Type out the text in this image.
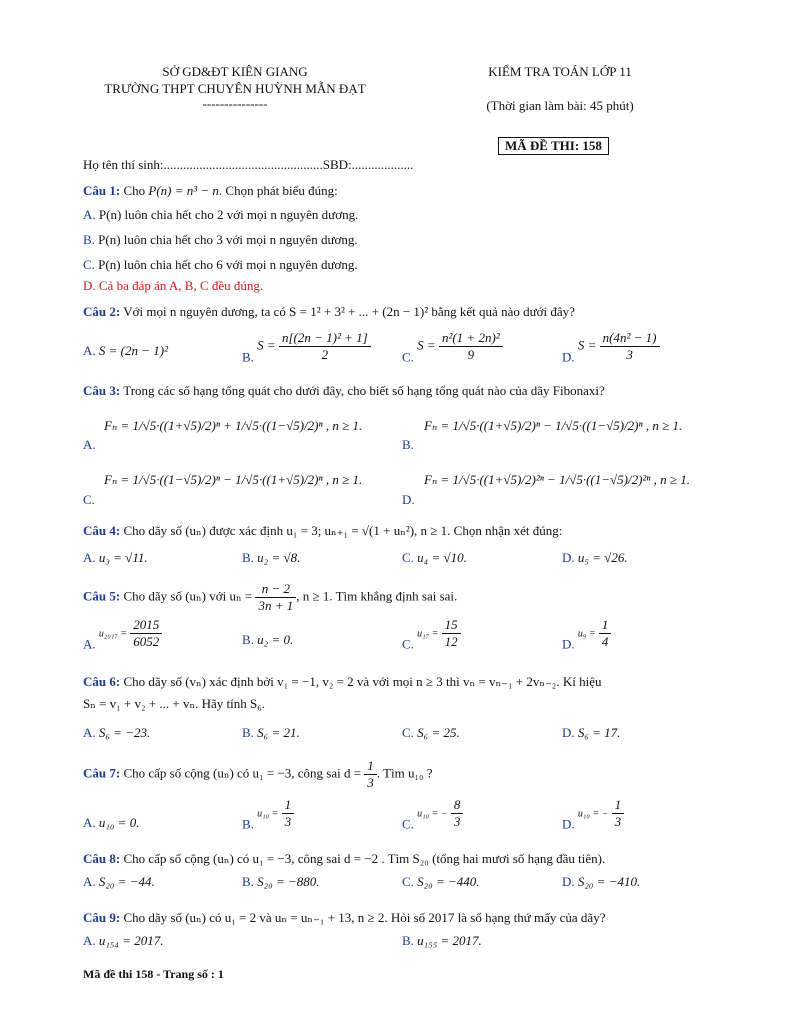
SỞ GD&ĐT KIÊN GIANG
TRƯỜNG THPT CHUYÊN HUỲNH MẪN ĐẠT
---------------
KIỂM TRA TOÁN LỚP 11
(Thời gian làm bài: 45 phút)
MÃ ĐỀ THI: 158
Họ tên thí sinh:.................................................SBD:...................
Câu 1: Cho P(n) = n³ − n. Chọn phát biểu đúng:
A. P(n) luôn chia hết cho 2 với mọi n nguyên dương.
B. P(n) luôn chia hết cho 3 với mọi n nguyên dương.
C. P(n) luôn chia hết cho 6 với mọi n nguyên dương.
D. Cả ba đáp án A, B, C đều đúng.
Câu 2: Với mọi n nguyên dương, ta có S = 1² + 3² + ... + (2n − 1)² bằng kết quả nào dưới đây?
A. S = (2n − 1)²	B. $S = \frac{\text{n[(2n − 1)² + 1]}}{2} C$. $S = \frac{\text{n²(1 + 2n)²}}{9}$	D. $S = \frac{\text{n(4n² − 1)}}{3}$
Câu 3: Trong các số hạng tổng quát cho dưới đây, cho biết số hạng tổng quát nào của dãy Fibonaxi?
A.
Fₙ = 1/√5·((1+√5)/2)ⁿ + 1/√5·((1−√5)/2)ⁿ , n ≥ 1.
B.
Fₙ = 1/√5·((1+√5)/2)ⁿ − 1/√5·((1−√5)/2)ⁿ , n ≥ 1.
C.
Fₙ = 1/√5·((1−√5)/2)ⁿ − 1/√5·((1+√5)/2)ⁿ , n ≥ 1.
D.
Fₙ = 1/√5·((1+√5)/2)²ⁿ − 1/√5·((1−√5)/2)²ⁿ , n ≥ 1.
Câu 4: Cho dãy số (uₙ) được xác định u₁ = 3; uₙ₊₁ = √(1 + uₙ²), n ≥ 1. Chọn nhận xét đúng:
A. u₃ = √11.	B. u₂ = √8.	C. u₄ = √10.	D. u₅ = √26.
Câu 5: Cho dãy số (uₙ) với $u_n = \frac{n - 2}{3n + 1}$ , n ≥ 1. Tìm khẳng định sai sai.
A. $u_{2017} = \frac{2015}{6052}$	B. u₂ = 0.	C. $u_{17} = \frac{15}{12}$	D. $u_9 = \frac{1}{4}$
Câu 6: Cho dãy số (vₙ) xác định bởi v₁ = −1, v₂ = 2 và với mọi n ≥ 3 thì vₙ = vₙ₋₁ + 2vₙ₋₂. Kí hiệu
Sₙ = v₁ + v₂ + ... + vₙ. Hãy tính S₆.
A. S₆ = −23.	B. S₆ = 21.	C. S₆ = 25.	D. S₆ = 17.
Câu 7: Cho cấp số cộng (uₙ) có u₁ = −3, công sai $d = \frac{1}{3}$ . Tìm u₁₀ ?
A. u₁₀ = 0.	B. $u_{10} = \frac{1}{3}$	C. u₁₀ = − $\frac{8}{3}$	D. u₁₀ = − $\frac{1}{3}$
Câu 8: Cho cấp số cộng (uₙ) có u₁ = −3, công sai d = −2 . Tìm S₂₀ (tổng hai mươi số hạng đầu tiên).
A. S₂₀ = −44.	B. S₂₀ = −880.	C. S₂₀ = −440.	D. S₂₀ = −410.
Câu 9: Cho dãy số (uₙ) có u₁ = 2 và uₙ = uₙ₋₁ + 13, n ≥ 2. Hỏi số 2017 là số hạng thứ mấy của dãy?
A. u₁₅₄ = 2017.	B. u₁₅₅ = 2017.
Mã đề thi 158 - Trang số : 1
